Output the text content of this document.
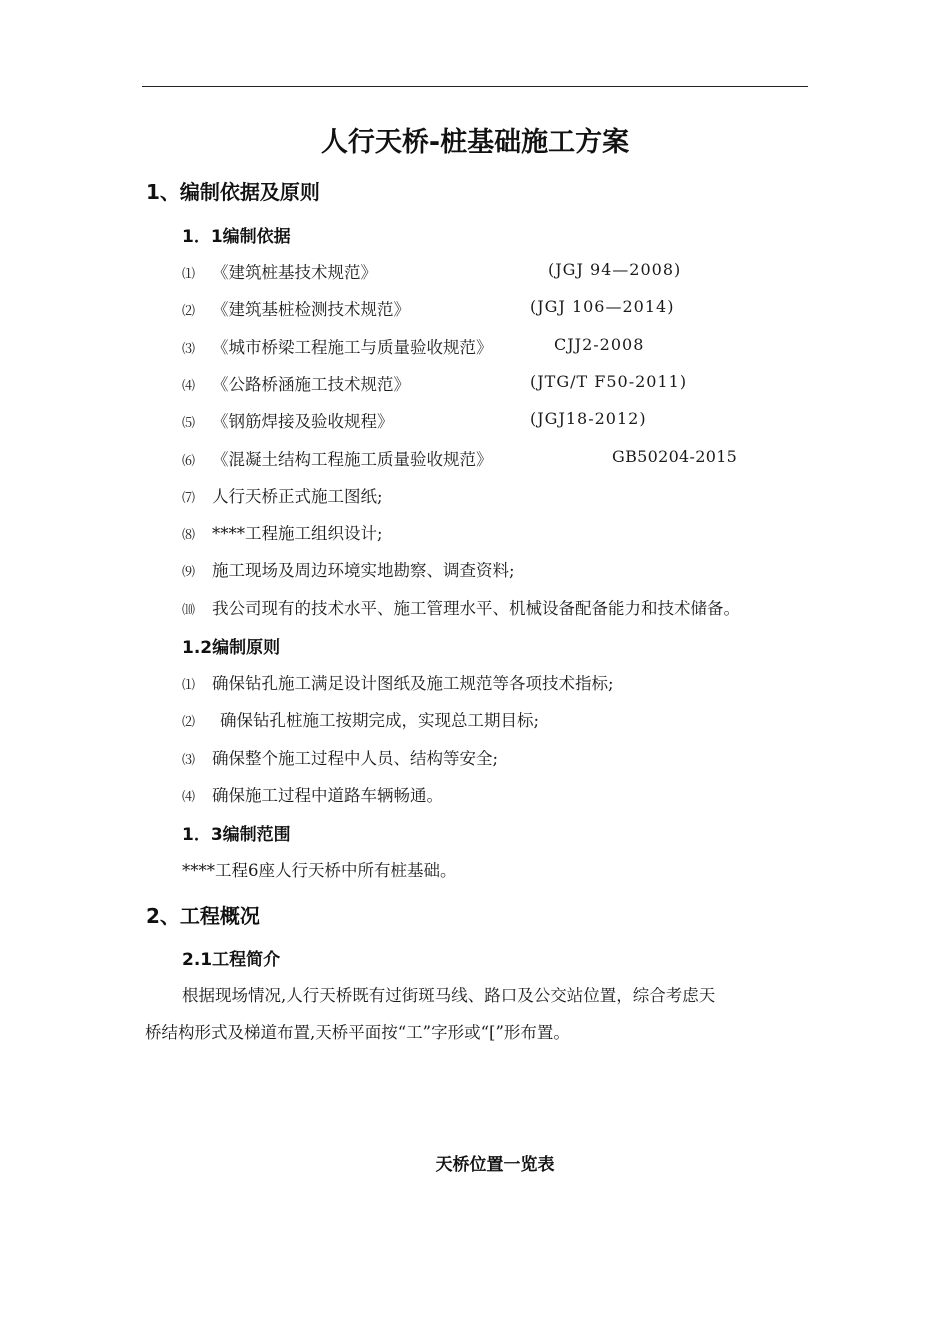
人行天桥-桩基础施工方案
1、编制依据及原则
1．1编制依据
⑴ 《建筑桩基技术规范》	(JGJ 94—2008)
⑵ 《建筑基桩检测技术规范》	(JGJ 106—2014)
⑶ 《城市桥梁工程施工与质量验收规范》	CJJ2-2008
⑷ 《公路桥涵施工技术规范》	(JTG/T F50-2011)
⑸ 《钢筋焊接及验收规程》	(JGJ18-2012)
⑹ 《混凝土结构工程施工质量验收规范》	GB50204-2015
⑺ 人行天桥正式施工图纸;
⑻ ****工程施工组织设计;
⑼ 施工现场及周边环境实地勘察、调查资料;
⑽ 我公司现有的技术水平、施工管理水平、机械设备配备能力和技术储备。
1.2编制原则
⑴ 确保钻孔施工满足设计图纸及施工规范等各项技术指标;
⑵ 确保钻孔桩施工按期完成，实现总工期目标;
⑶ 确保整个施工过程中人员、结构等安全;
⑷ 确保施工过程中道路车辆畅通。
1．3编制范围
****工程6座人行天桥中所有桩基础。
2、工程概况
2.1工程简介
根据现场情况,人行天桥既有过街斑马线、路口及公交站位置，综合考虑天
桥结构形式及梯道布置,天桥平面按“工”字形或“[”形布置。
天桥位置一览表
